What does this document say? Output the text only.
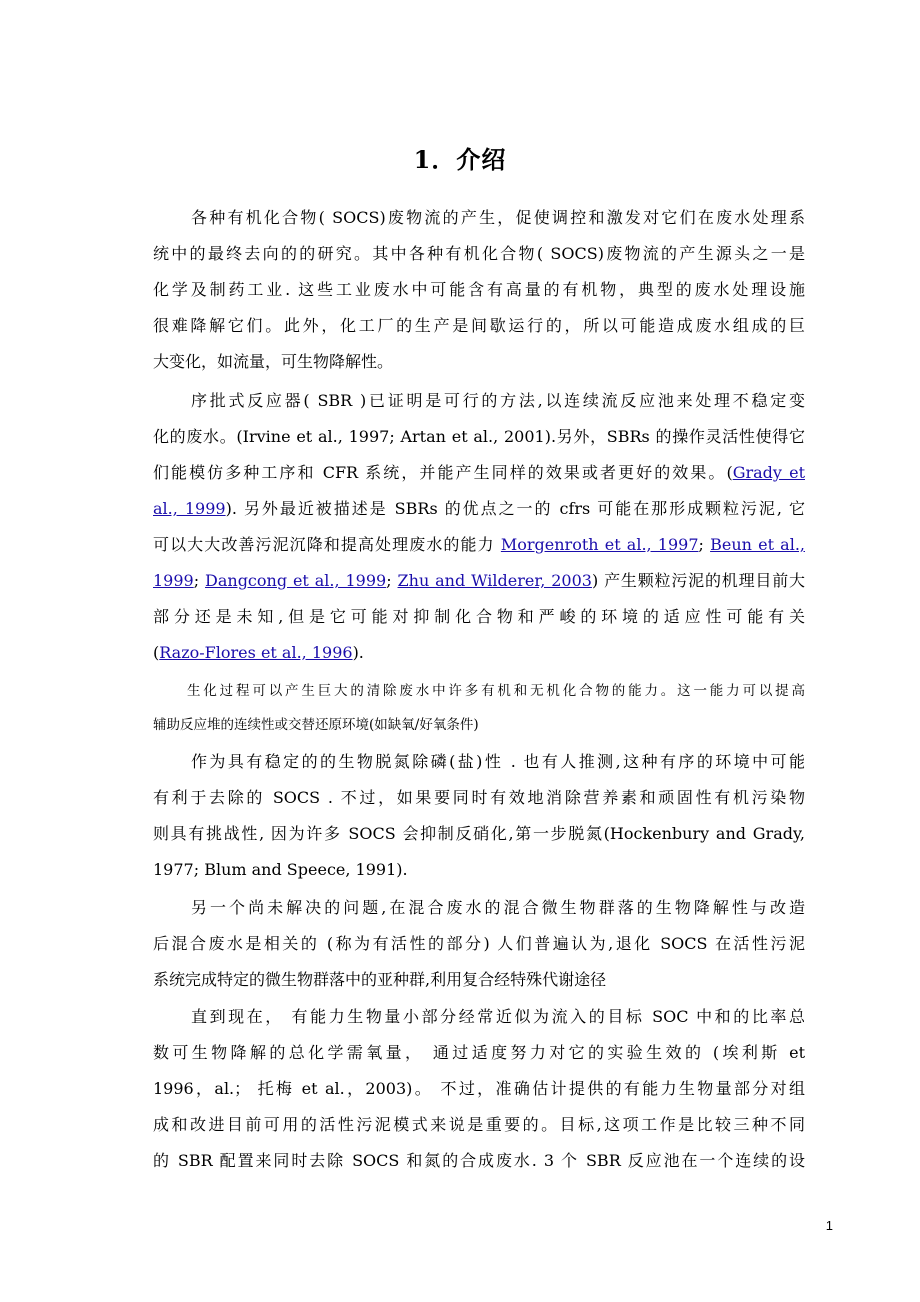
1．介绍
各种有机化合物( SOCS)废物流的产生，促使调控和激发对它们在废水处理系
统中的最终去向的的研究。其中各种有机化合物( SOCS)废物流的产生源头之一是
化学及制药工业. 这些工业废水中可能含有高量的有机物，典型的废水处理设施
很难降解它们。此外，化工厂的生产是间歇运行的，所以可能造成废水组成的巨
大变化，如流量，可生物降解性。
序批式反应器( SBR )已证明是可行的方法,以连续流反应池来处理不稳定变
化的废水。(Irvine et al., 1997; Artan et al., 2001).另外，SBRs 的操作灵活性使得它
们能模仿多种工序和 CFR 系统，并能产生同样的效果或者更好的效果。(Grady et
al., 1999). 另外最近被描述是 SBRs 的优点之一的 cfrs 可能在那形成颗粒污泥, 它
可以大大改善污泥沉降和提高处理废水的能力 Morgenroth et al., 1997; Beun et al.,
1999; Dangcong et al., 1999; Zhu and Wilderer, 2003) 产生颗粒污泥的机理目前大
部分还是未知,但是它可能对抑制化合物和严峻的环境的适应性可能有关
(Razo-Flores et al., 1996).
生化过程可以产生巨大的清除废水中许多有机和无机化合物的能力。这一能力可以提高
辅助反应堆的连续性或交替还原环境(如缺氧/好氧条件)
作为具有稳定的的生物脱氮除磷(盐)性 . 也有人推测,这种有序的环境中可能
有利于去除的 SOCS . 不过，如果要同时有效地消除营养素和顽固性有机污染物
则具有挑战性, 因为许多 SOCS 会抑制反硝化,第一步脱氮(Hockenbury and Grady,
1977; Blum and Speece, 1991).
另一个尚未解决的问题,在混合废水的混合微生物群落的生物降解性与改造
后混合废水是相关的 (称为有活性的部分) 人们普遍认为,退化 SOCS 在活性污泥
系统完成特定的微生物群落中的亚种群,利用复合经特殊代谢途径
直到现在， 有能力生物量小部分经常近似为流入的目标 SOC 中和的比率总
数可生物降解的总化学需氧量， 通过适度努力对它的实验生效的 (埃利斯 et
1996，al.； 托梅 et al.，2003)。 不过，准确估计提供的有能力生物量部分对组
成和改进目前可用的活性污泥模式来说是重要的。目标,这项工作是比较三种不同
的 SBR 配置来同时去除 SOCS 和氮的合成废水. 3 个 SBR 反应池在一个连续的设
1
